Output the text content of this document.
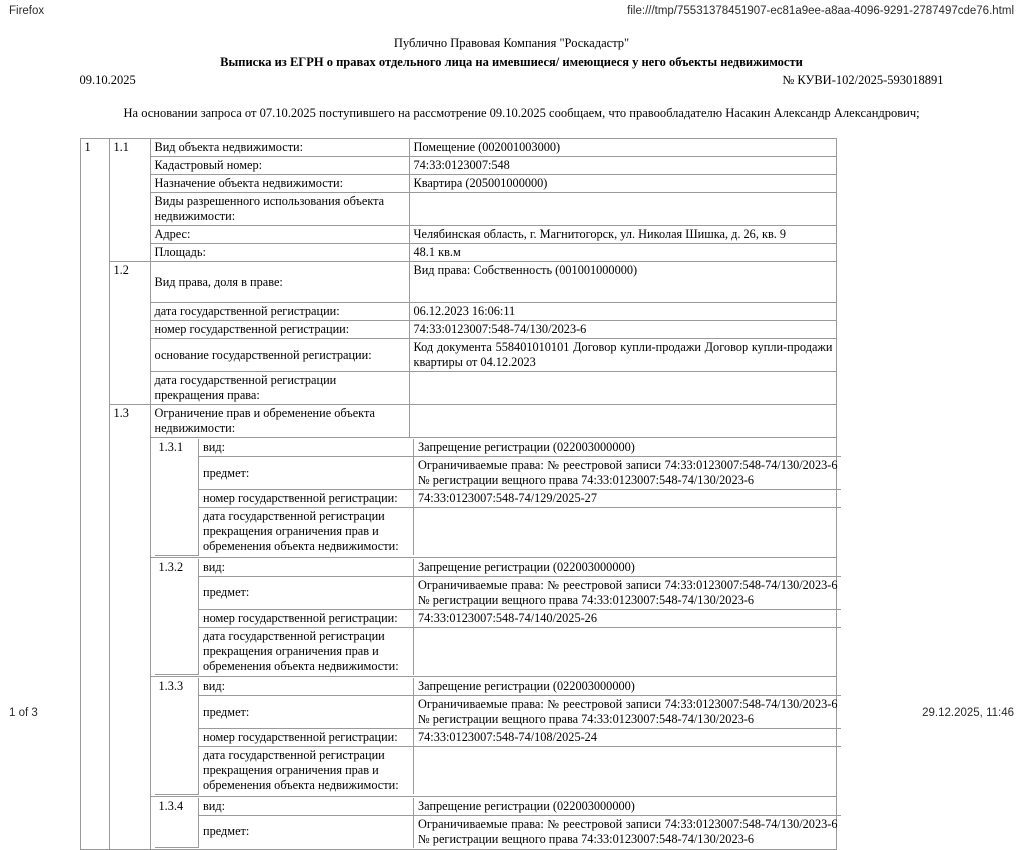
Firefox	file:///tmp/75531378451907-ec81a9ee-a8aa-4096-9291-2787497cde76.html
Публично Правовая Компания "Роскадастр"
Выписка из ЕГРН о правах отдельного лица на имевшиеся/ имеющиеся у него объекты недвижимости
09.10.2025	№ КУВИ-102/2025-593018891

На основании запроса от 07.10.2025 поступившего на рассмотрение 09.10.2025 сообщаем, что правообладателю Насакин Александр Александрович;

1	1.1	Вид объекта недвижимости:	Помещение (002001003000)
Кадастровый номер:	74:33:0123007:548
Назначение объекта недвижимости:	Квартира (205001000000)
Виды разрешенного использования объекта недвижимости:	

Адрес:	Челябинская область, г. Магнитогорск, ул. Николая Шишка, д. 26, кв. 9
Площадь:	48.1 кв.м
1.2	Вид права, доля в праве:	Вид права: Собственность (001001000000)
дата государственной регистрации:	06.12.2023 16:06:11
номер государственной регистрации:	74:33:0123007:548-74/130/2023-6
основание государственной регистрации:	Код документа 558401010101 Договор купли-продажи Договор купли-продажи квартиры от 04.12.2023
дата государственной регистрации прекращения права:	

1.3	Ограничение прав и обременение объекта недвижимости:	

1.3.1	вид:	Запрещение регистрации (022003000000)
предмет:	
Ограничиваемые права: № реестровой записи 74:33:0123007:548-74/130/2023-6
№ регистрации вещного права 74:33:0123007:548-74/130/2023-6

номер государственной регистрации:	74:33:0123007:548-74/129/2025-27
дата государственной регистрации прекращения ограничения прав и обременения объекта недвижимости:	

1.3.2	вид:	Запрещение регистрации (022003000000)
предмет:	
Ограничиваемые права: № реестровой записи 74:33:0123007:548-74/130/2023-6
№ регистрации вещного права 74:33:0123007:548-74/130/2023-6

номер государственной регистрации:	74:33:0123007:548-74/140/2025-26
дата государственной регистрации прекращения ограничения прав и обременения объекта недвижимости:	

1.3.3	вид:	Запрещение регистрации (022003000000)
предмет:	
Ограничиваемые права: № реестровой записи 74:33:0123007:548-74/130/2023-6
№ регистрации вещного права 74:33:0123007:548-74/130/2023-6

номер государственной регистрации:	74:33:0123007:548-74/108/2025-24
дата государственной регистрации прекращения ограничения прав и обременения объекта недвижимости:	

1.3.4	вид:	Запрещение регистрации (022003000000)
предмет:	
Ограничиваемые права: № реестровой записи 74:33:0123007:548-74/130/2023-6
№ регистрации вещного права 74:33:0123007:548-74/130/2023-6
1 of 3	29.12.2025, 11:46
